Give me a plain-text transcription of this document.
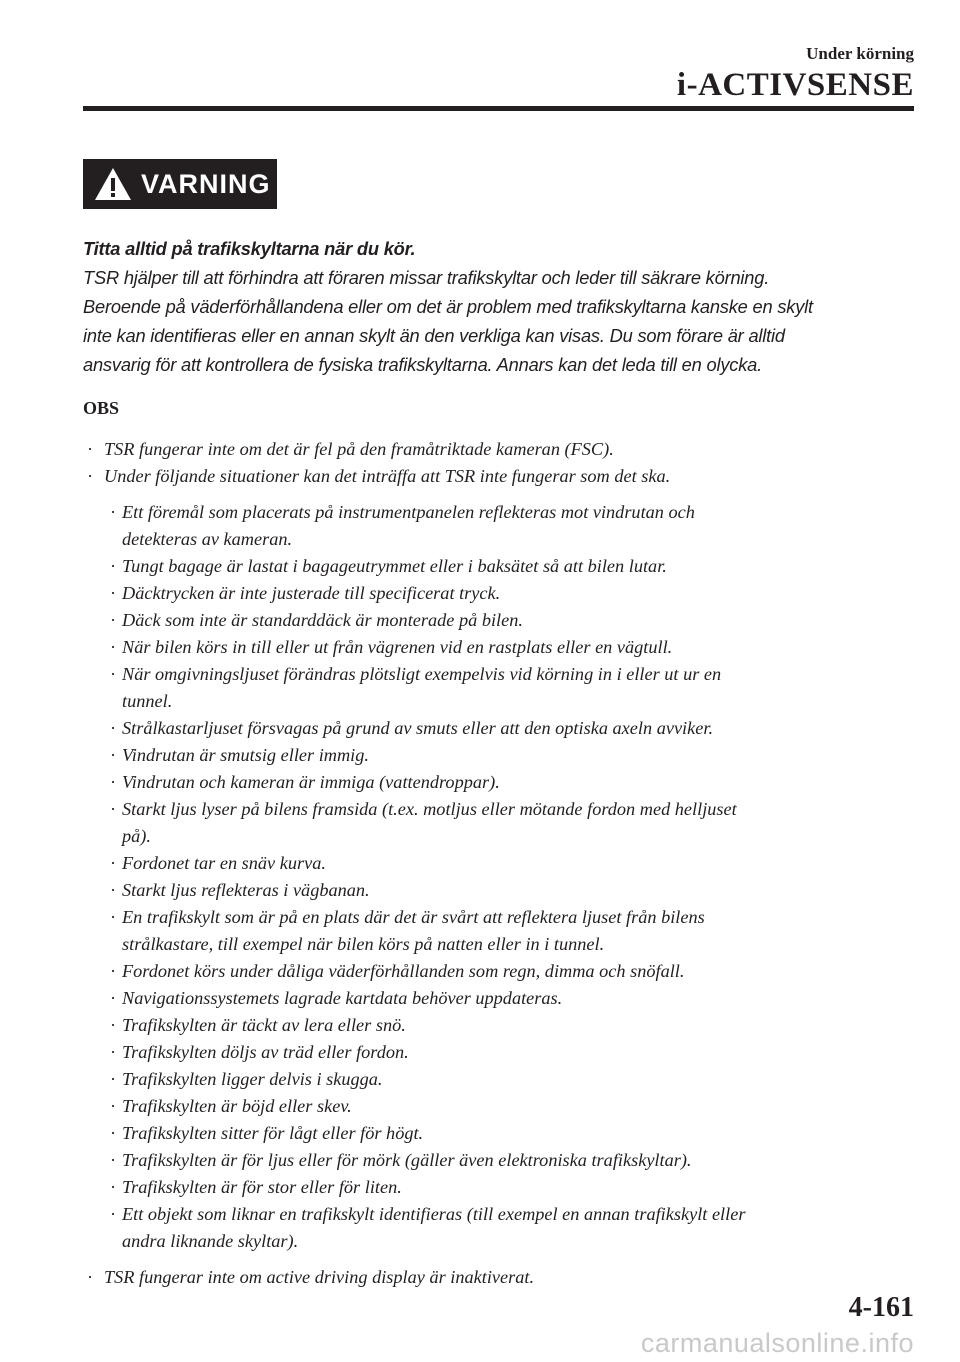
Under körning
i-ACTIVSENSE
VARNING

Titta alltid på trafikskyltarna när du kör.

TSR hjälper till att förhindra att föraren missar trafikskyltar och leder till säkrare körning.

Beroende på väderförhållandena eller om det är problem med trafikskyltarna kanske en skylt

inte kan identifieras eller en annan skylt än den verkliga kan visas. Du som förare är alltid

ansvarig för att kontrollera de fysiska trafikskyltarna. Annars kan det leda till en olycka.

OBS
· TSR fungerar inte om det är fel på den framåtriktade kameran (FSC).
· Under följande situationer kan det inträffa att TSR inte fungerar som det ska.
· Ett föremål som placerats på instrumentpanelen reflekteras mot vindrutan och
detekteras av kameran.
· Tungt bagage är lastat i bagageutrymmet eller i baksätet så att bilen lutar.
· Däcktrycken är inte justerade till specificerat tryck.
· Däck som inte är standarddäck är monterade på bilen.
· När bilen körs in till eller ut från vägrenen vid en rastplats eller en vägtull.
· När omgivningsljuset förändras plötsligt exempelvis vid körning in i eller ut ur en
tunnel.
· Strålkastarljuset försvagas på grund av smuts eller att den optiska axeln avviker.
· Vindrutan är smutsig eller immig.
· Vindrutan och kameran är immiga (vattendroppar).
· Starkt ljus lyser på bilens framsida (t.ex. motljus eller mötande fordon med helljuset
på).
· Fordonet tar en snäv kurva.
· Starkt ljus reflekteras i vägbanan.
· En trafikskylt som är på en plats där det är svårt att reflektera ljuset från bilens
strålkastare, till exempel när bilen körs på natten eller in i tunnel.
· Fordonet körs under dåliga väderförhållanden som regn, dimma och snöfall.
· Navigationssystemets lagrade kartdata behöver uppdateras.
· Trafikskylten är täckt av lera eller snö.
· Trafikskylten döljs av träd eller fordon.
· Trafikskylten ligger delvis i skugga.
· Trafikskylten är böjd eller skev.
· Trafikskylten sitter för lågt eller för högt.
· Trafikskylten är för ljus eller för mörk (gäller även elektroniska trafikskyltar).
· Trafikskylten är för stor eller för liten.
· Ett objekt som liknar en trafikskylt identifieras (till exempel en annan trafikskylt eller
andra liknande skyltar).
· TSR fungerar inte om active driving display är inaktiverat.
4-161
carmanualsonline.info
